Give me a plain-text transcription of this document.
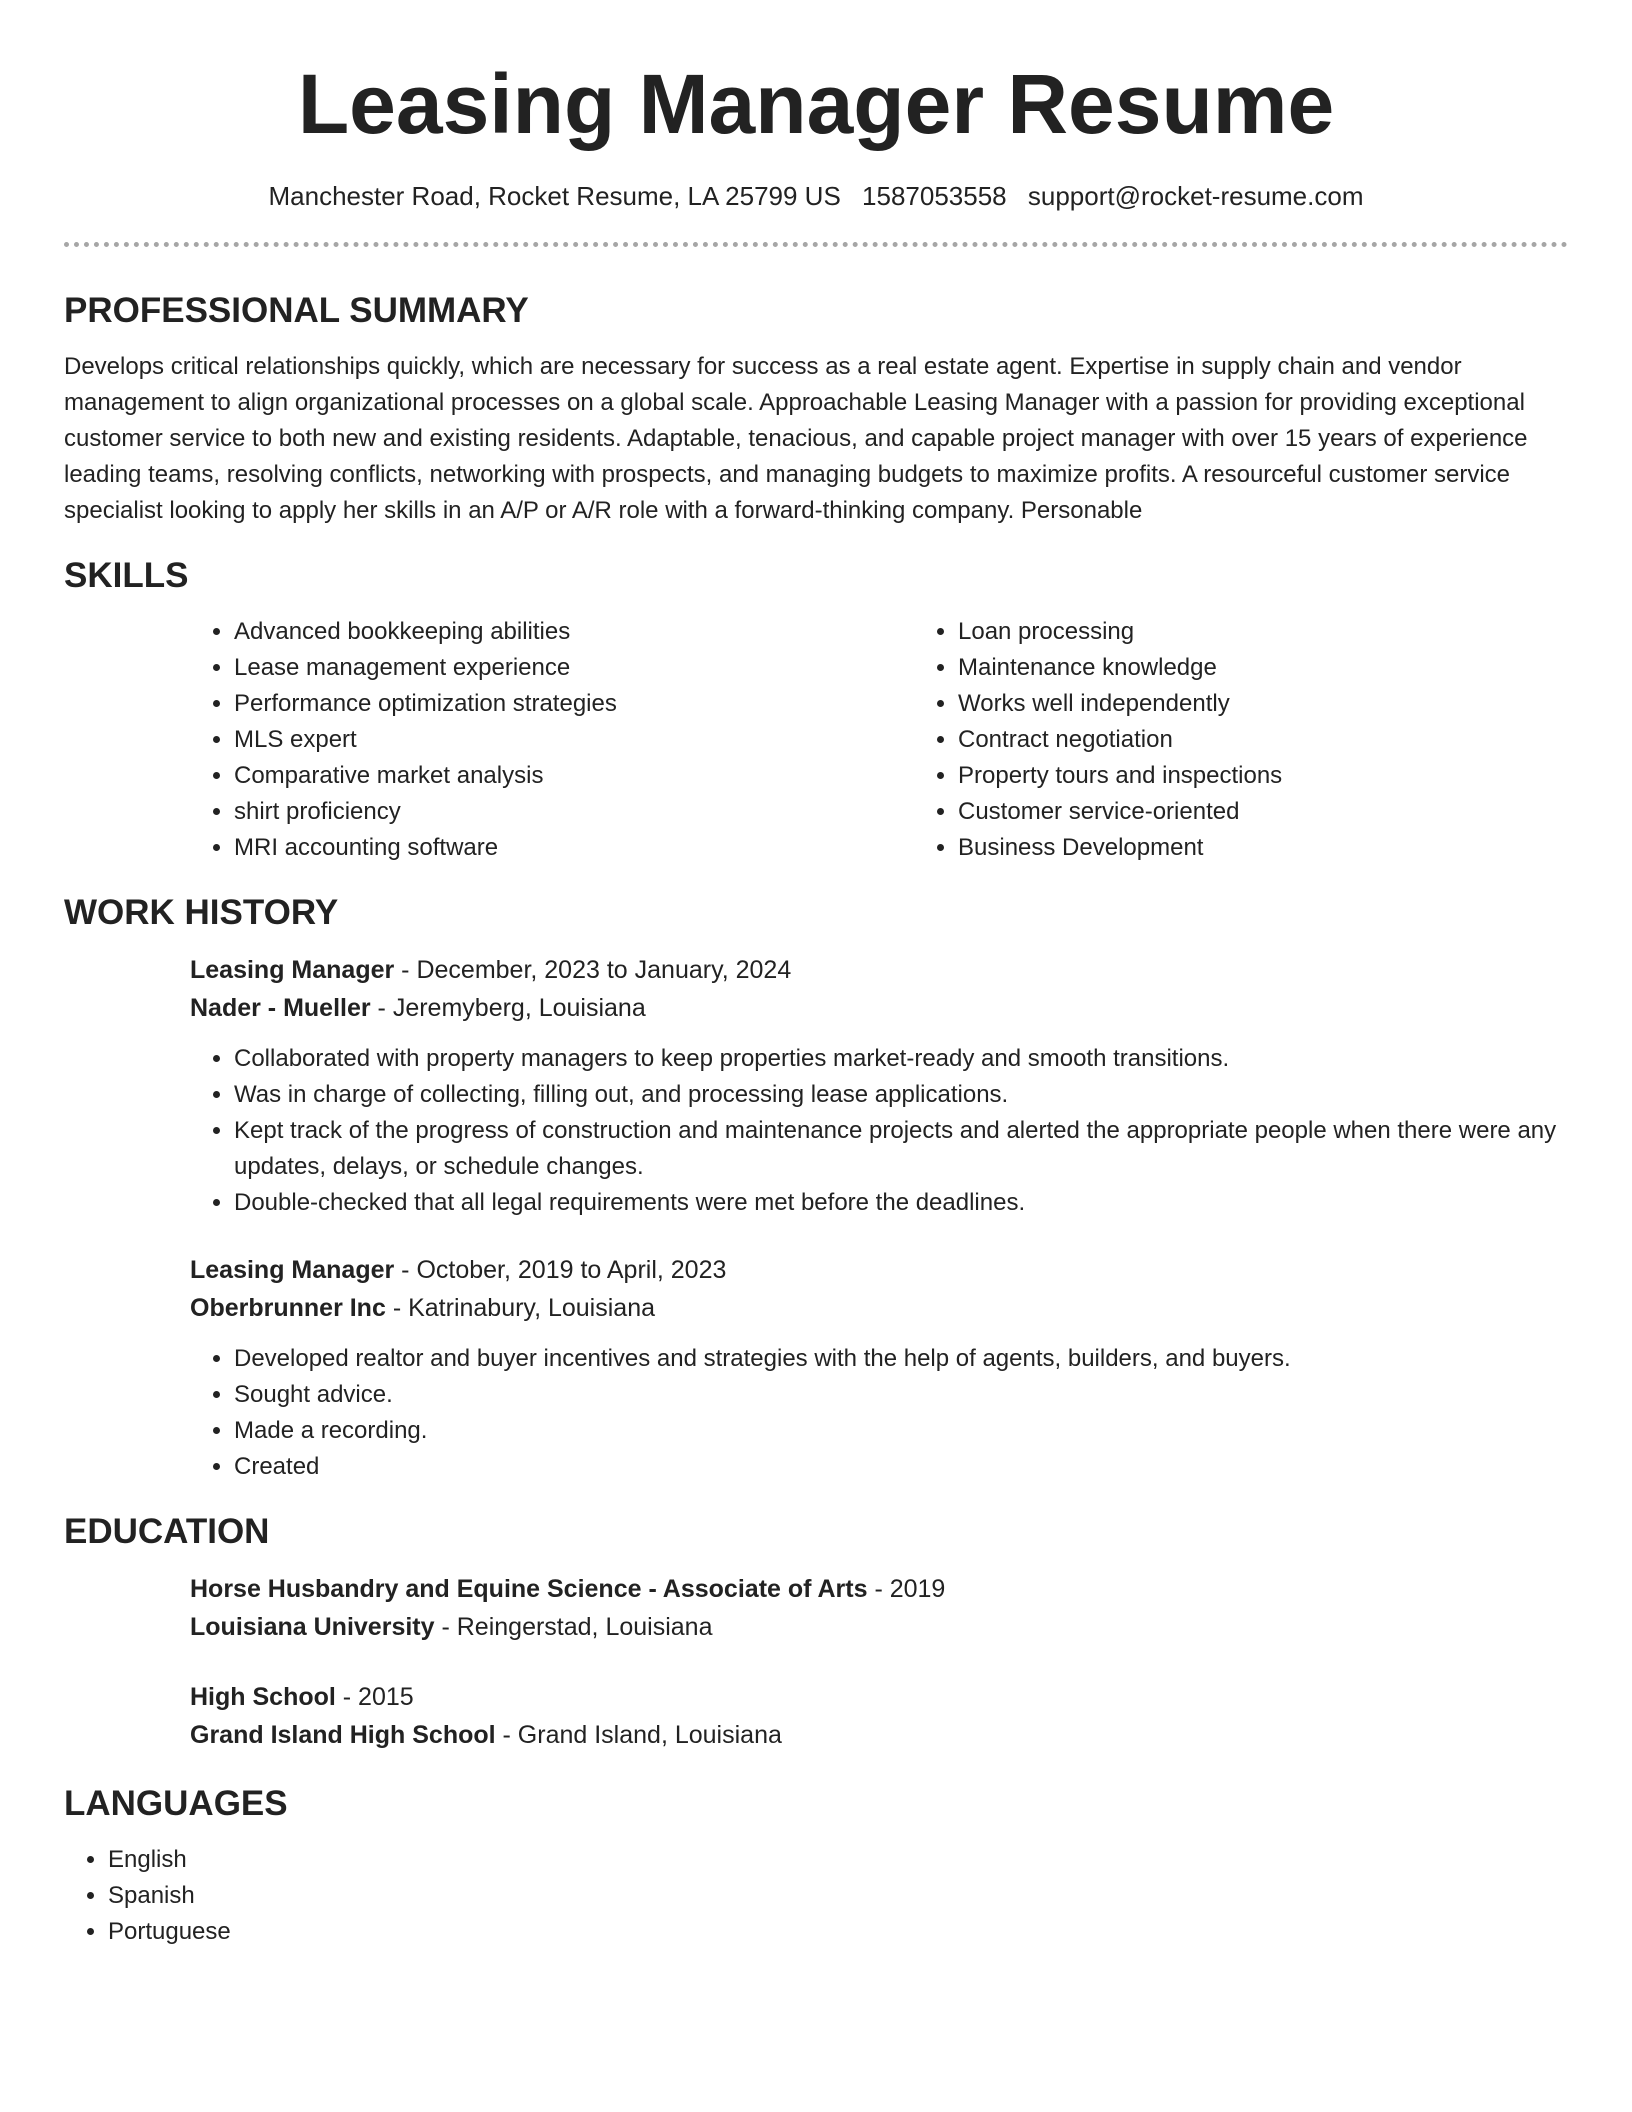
Leasing Manager Resume
Manchester Road, Rocket Resume, LA 25799 US 1587053558 support@rocket-resume.com
PROFESSIONAL SUMMARY

Develops critical relationships quickly, which are necessary for success as a real estate agent. Expertise in supply chain and vendor management to align organizational processes on a global scale. Approachable Leasing Manager with a passion for providing exceptional customer service to both new and existing residents. Adaptable, tenacious, and capable project manager with over 15 years of experience leading teams, resolving conflicts, networking with prospects, and managing budgets to maximize profits. A resourceful customer service specialist looking to apply her skills in an A/P or A/R role with a forward-thinking company. Personable

SKILLS
• Advanced bookkeeping abilities
• Lease management experience
• Performance optimization strategies
• MLS expert
• Comparative market analysis
• shirt proficiency
• MRI accounting software
• Loan processing
• Maintenance knowledge
• Works well independently
• Contract negotiation
• Property tours and inspections
• Customer service-oriented
• Business Development
WORK HISTORY

Leasing Manager - December, 2023 to January, 2024

Nader - Mueller - Jeremyberg, Louisiana

• Collaborated with property managers to keep properties market-ready and smooth transitions.
• Was in charge of collecting, filling out, and processing lease applications.
• Kept track of the progress of construction and maintenance projects and alerted the appropriate people when there were any updates, delays, or schedule changes.
• Double-checked that all legal requirements were met before the deadlines.

Leasing Manager - October, 2019 to April, 2023

Oberbrunner Inc - Katrinabury, Louisiana

• Developed realtor and buyer incentives and strategies with the help of agents, builders, and buyers.
• Sought advice.
• Made a recording.
• Created
EDUCATION

Horse Husbandry and Equine Science - Associate of Arts - 2019

Louisiana University - Reingerstad, Louisiana

High School - 2015

Grand Island High School - Grand Island, Louisiana

LANGUAGES
• English
• Spanish
• Portuguese
